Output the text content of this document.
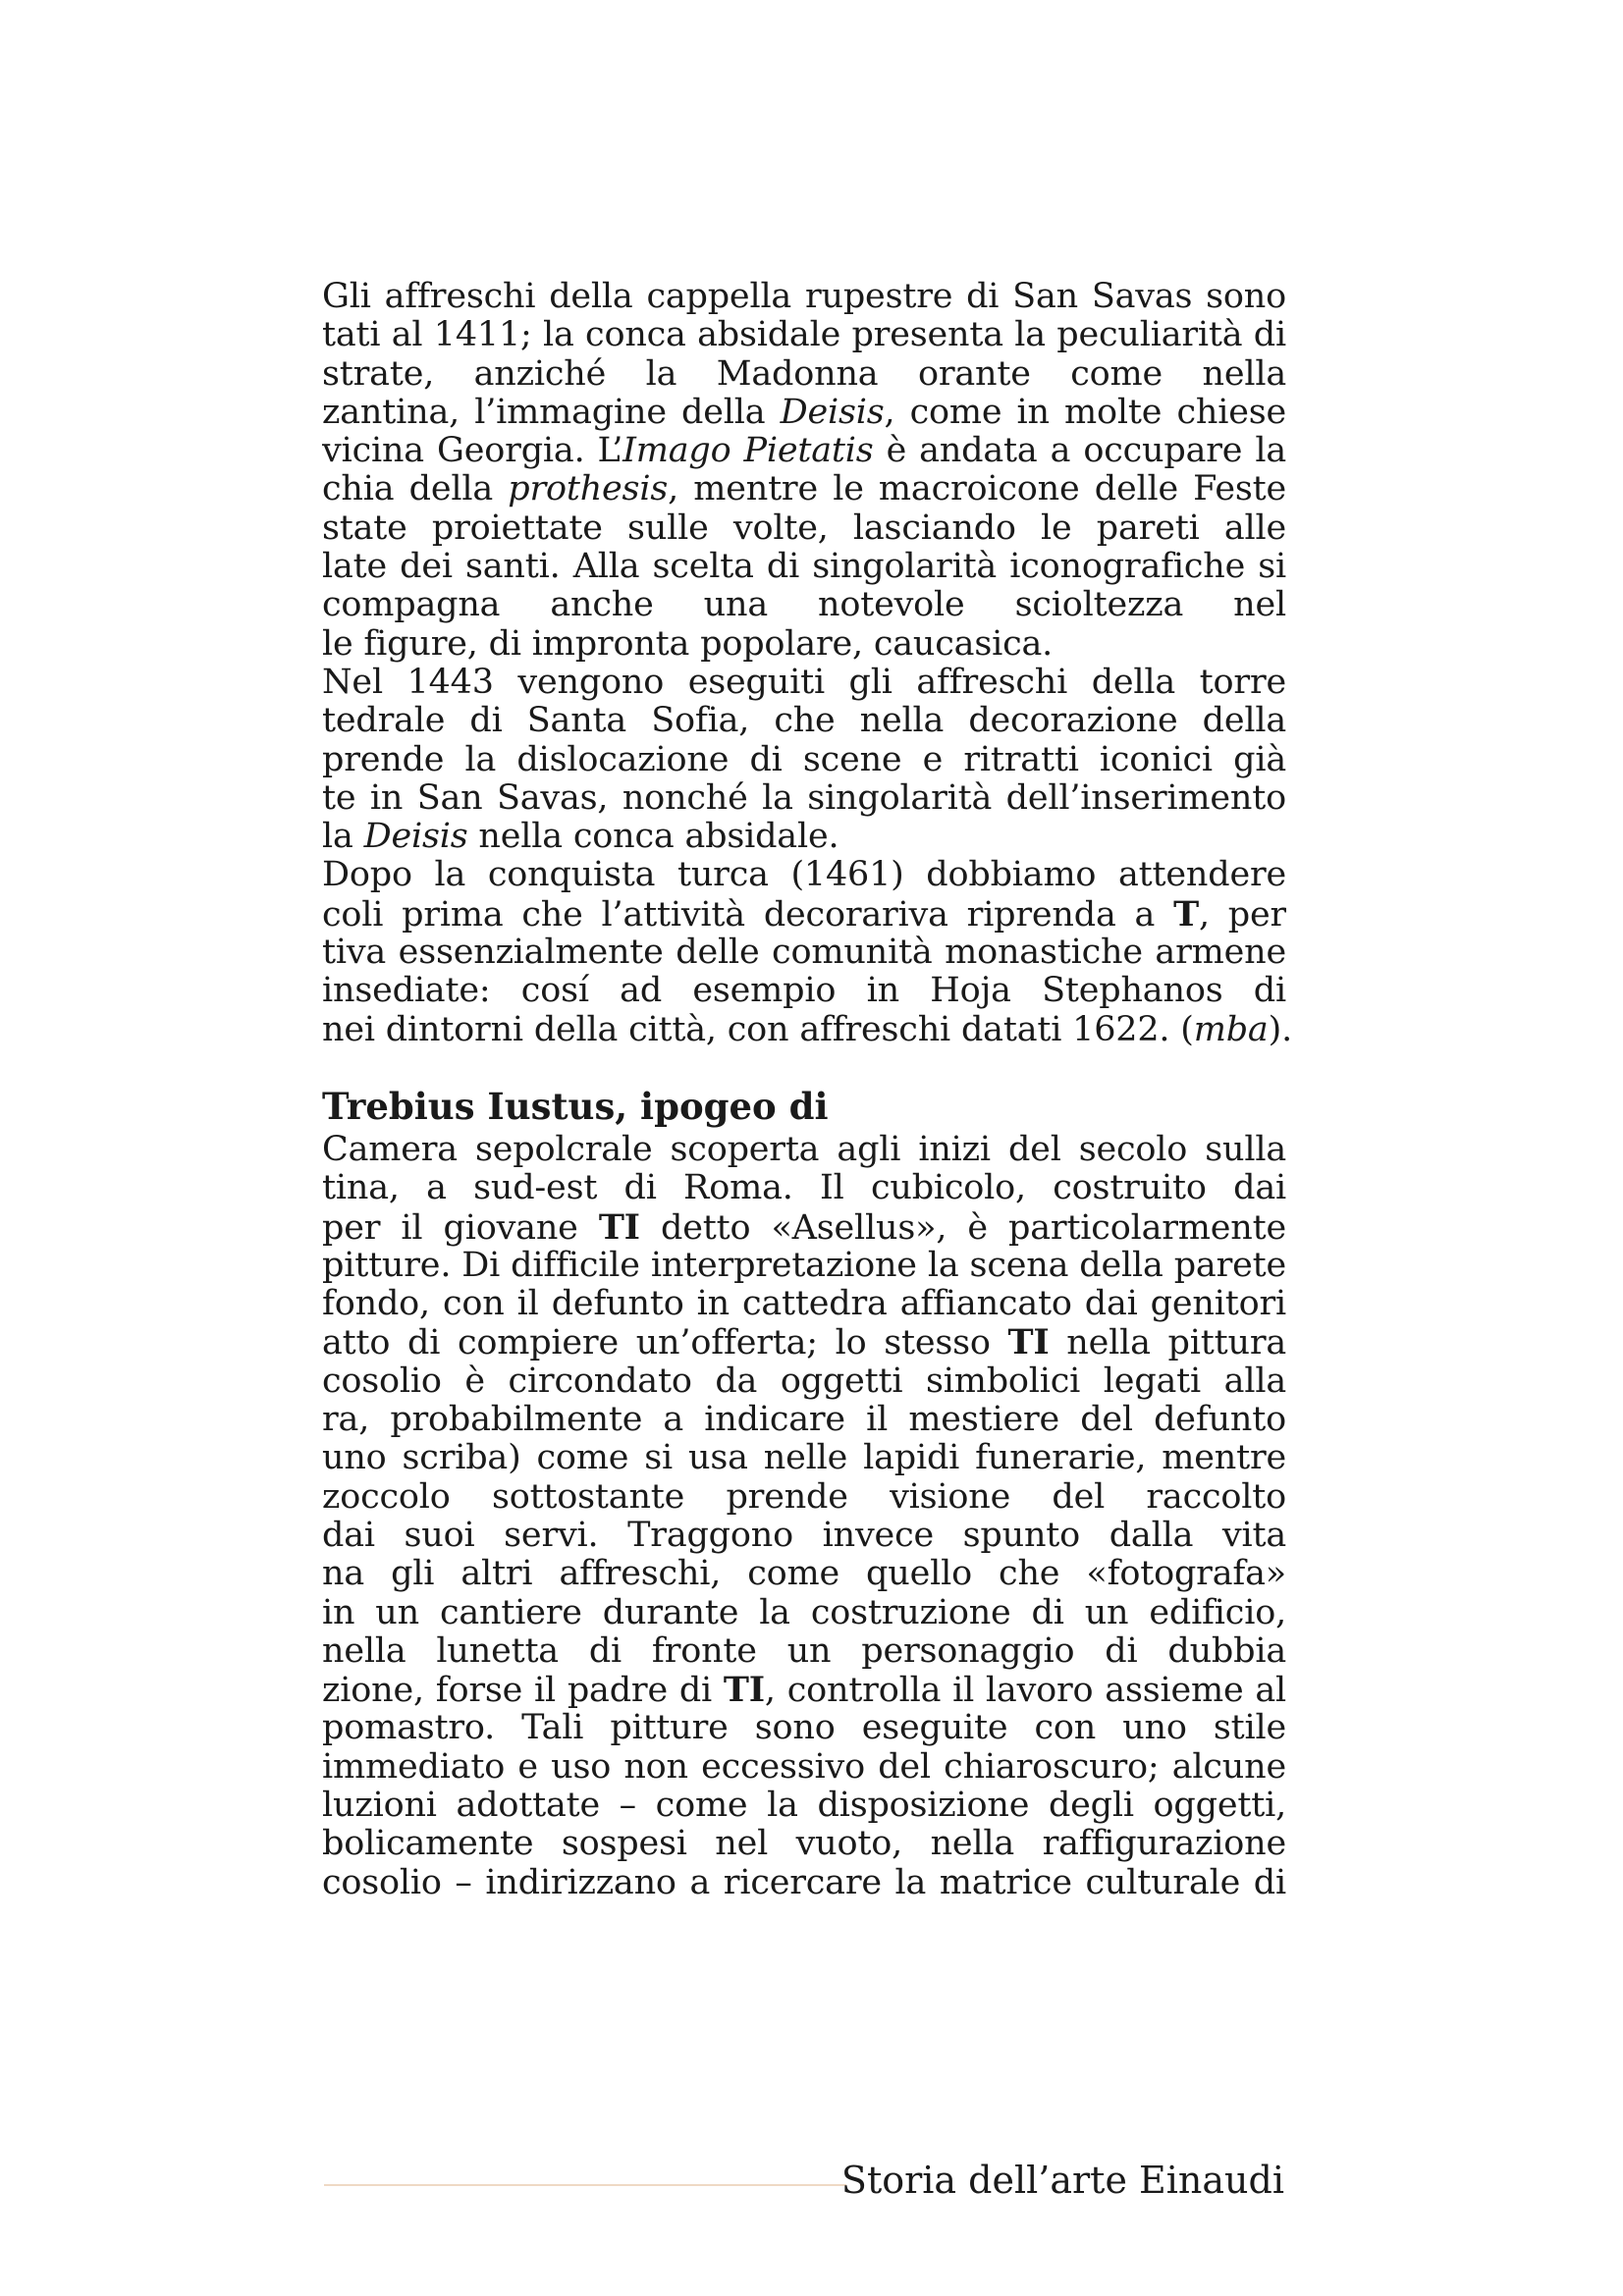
Gli affreschi della cappella rupestre di San Savas sono
tati al 1411; la conca absidale presenta la peculiarità di
strate, anziché la Madonna orante come nella
zantina, l’immagine della Deisis, come in molte chiese
vicina Georgia. L’Imago Pietatis è andata a occupare la
chia della prothesis, mentre le macroicone delle Feste
state proiettate sulle volte, lasciando le pareti alle
late dei santi. Alla scelta di singolarità iconografiche si
compagna anche una notevole scioltezza nel
le figure, di impronta popolare, caucasica.
Nel 1443 vengono eseguiti gli affreschi della torre
tedrale di Santa Sofia, che nella decorazione della
prende la dislocazione di scene e ritratti iconici già
te in San Savas, nonché la singolarità dell’inserimento
la Deisis nella conca absidale.
Dopo la conquista turca (1461) dobbiamo attendere
coli prima che l’attività decorariva riprenda a T, per
tiva essenzialmente delle comunità monastiche armene
insediate: cosí ad esempio in Hoja Stephanos di
nei dintorni della città, con affreschi datati 1622. (mba).
Trebius Iustus, ipogeo di
Camera sepolcrale scoperta agli inizi del secolo sulla
tina, a sud-est di Roma. Il cubicolo, costruito dai
per il giovane TI detto «Asellus», è particolarmente
pitture. Di difficile interpretazione la scena della parete
fondo, con il defunto in cattedra affiancato dai genitori
atto di compiere un’offerta; lo stesso TI nella pittura
cosolio è circondato da oggetti simbolici legati alla
ra, probabilmente a indicare il mestiere del defunto
uno scriba) come si usa nelle lapidi funerarie, mentre
zoccolo sottostante prende visione del raccolto
dai suoi servi. Traggono invece spunto dalla vita
na gli altri affreschi, come quello che «fotografa»
in un cantiere durante la costruzione di un edificio,
nella lunetta di fronte un personaggio di dubbia
zione, forse il padre di TI, controlla il lavoro assieme al
pomastro. Tali pitture sono eseguite con uno stile
immediato e uso non eccessivo del chiaroscuro; alcune
luzioni adottate – come la disposizione degli oggetti,
bolicamente sospesi nel vuoto, nella raffigurazione
cosolio – indirizzano a ricercare la matrice culturale di
Storia dell’arte Einaudi
